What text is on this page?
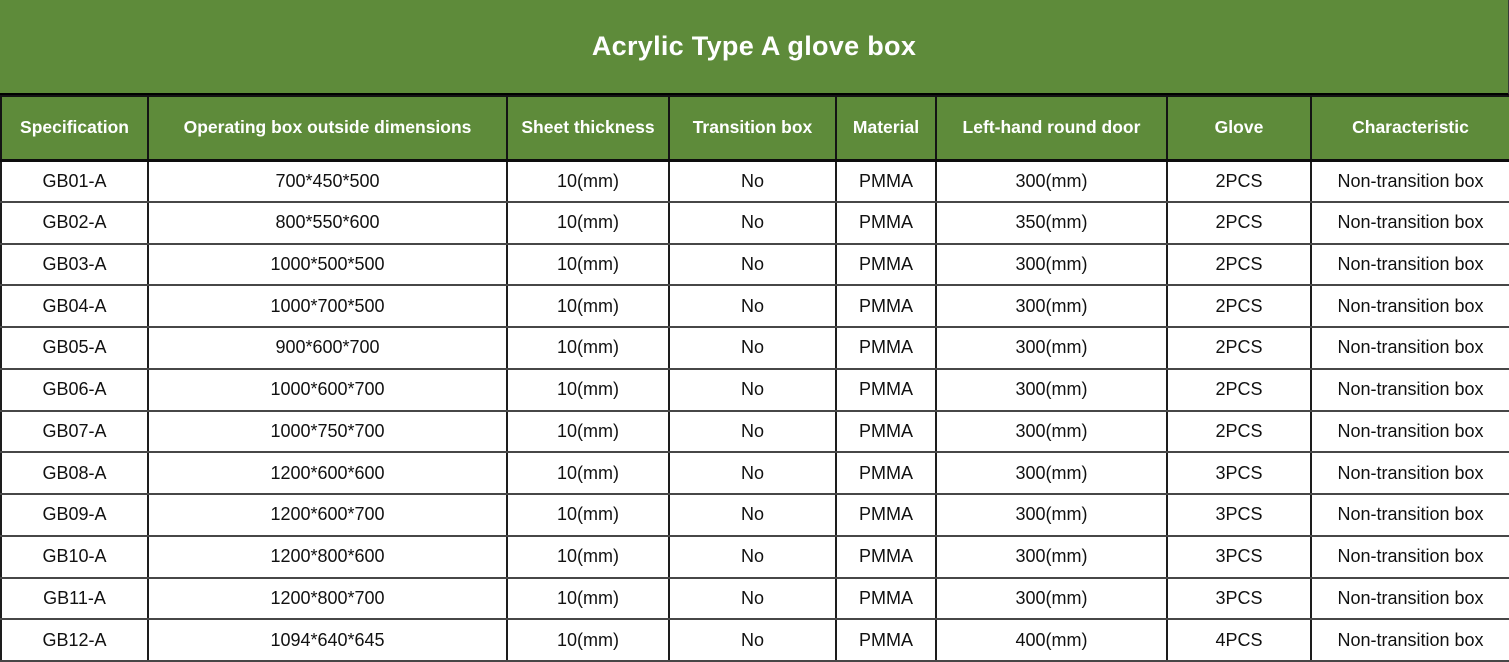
Acrylic Type A glove box
Specification	Operating box outside dimensions	Sheet thickness	Transition box	Material	Left-hand round door	Glove	Characteristic
GB01-A	700*450*500	10(mm)	No	PMMA	300(mm)	2PCS	Non-transition box
GB02-A	800*550*600	10(mm)	No	PMMA	350(mm)	2PCS	Non-transition box
GB03-A	1000*500*500	10(mm)	No	PMMA	300(mm)	2PCS	Non-transition box
GB04-A	1000*700*500	10(mm)	No	PMMA	300(mm)	2PCS	Non-transition box
GB05-A	900*600*700	10(mm)	No	PMMA	300(mm)	2PCS	Non-transition box
GB06-A	1000*600*700	10(mm)	No	PMMA	300(mm)	2PCS	Non-transition box
GB07-A	1000*750*700	10(mm)	No	PMMA	300(mm)	2PCS	Non-transition box
GB08-A	1200*600*600	10(mm)	No	PMMA	300(mm)	3PCS	Non-transition box
GB09-A	1200*600*700	10(mm)	No	PMMA	300(mm)	3PCS	Non-transition box
GB10-A	1200*800*600	10(mm)	No	PMMA	300(mm)	3PCS	Non-transition box
GB11-A	1200*800*700	10(mm)	No	PMMA	300(mm)	3PCS	Non-transition box
GB12-A	1094*640*645	10(mm)	No	PMMA	400(mm)	4PCS	Non-transition box
